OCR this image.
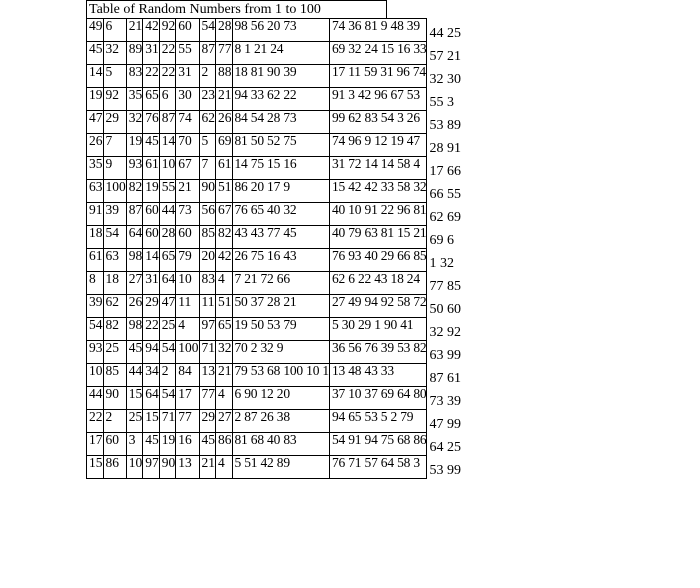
Table of Random Numbers from 1 to 100
49	6	21	42	92	60	54	28	98 56 20 73	74 36 81 9 48 39	44 25
45	32	89	31	22	55	87	77	8 1 21 24	69 32 24 15 16 33	57 21
14	5	83	22	22	31	2	88	18 81 90 39	17 11 59 31 96 74	32 30
19	92	35	65	6	30	23	21	94 33 62 22	91 3 42 96 67 53	55 3
47	29	32	76	87	74	62	26	84 54 28 73	99 62 83 54 3 26	53 89
26	7	19	45	14	70	5	69	81 50 52 75	74 96 9 12 19 47	28 91
35	9	93	61	10	67	7	61	14 75 15 16	31 72 14 14 58 4	17 66
63	100	82	19	55	21	90	51	86 20 17 9	15 42 42 33 58 32	66 55
91	39	87	60	44	73	56	67	76 65 40 32	40 10 91 22 96 81	62 69
18	54	64	60	28	60	85	82	43 43 77 45	40 79 63 81 15 21	69 6
61	63	98	14	65	79	20	42	26 75 16 43	76 93 40 29 66 85	1 32
8	18	27	31	64	10	83	4	7 21 72 66	62 6 22 43 18 24	77 85
39	62	26	29	47	11	11	51	50 37 28 21	27 49 94 92 58 72	50 60
54	82	98	22	25	4	97	65	19 50 53 79	5 30 29 1 90 41	32 92
93	25	45	94	54	100	71	32	70 2 32 9	36 56 76 39 53 82	63 99
10	85	44	34	2	84	13	21	79 53 68 100 10 1	13 48 43 33	87 61
44	90	15	64	54	17	77	4	6 90 12 20	37 10 37 69 64 80	73 39
22	2	25	15	71	77	29	27	2 87 26 38	94 65 53 5 2 79	47 99
17	60	3	45	19	16	45	86	81 68 40 83	54 91 94 75 68 86	64 25
15	86	10	97	90	13	21	4	5 51 42 89	76 71 57 64 58 3	53 99
